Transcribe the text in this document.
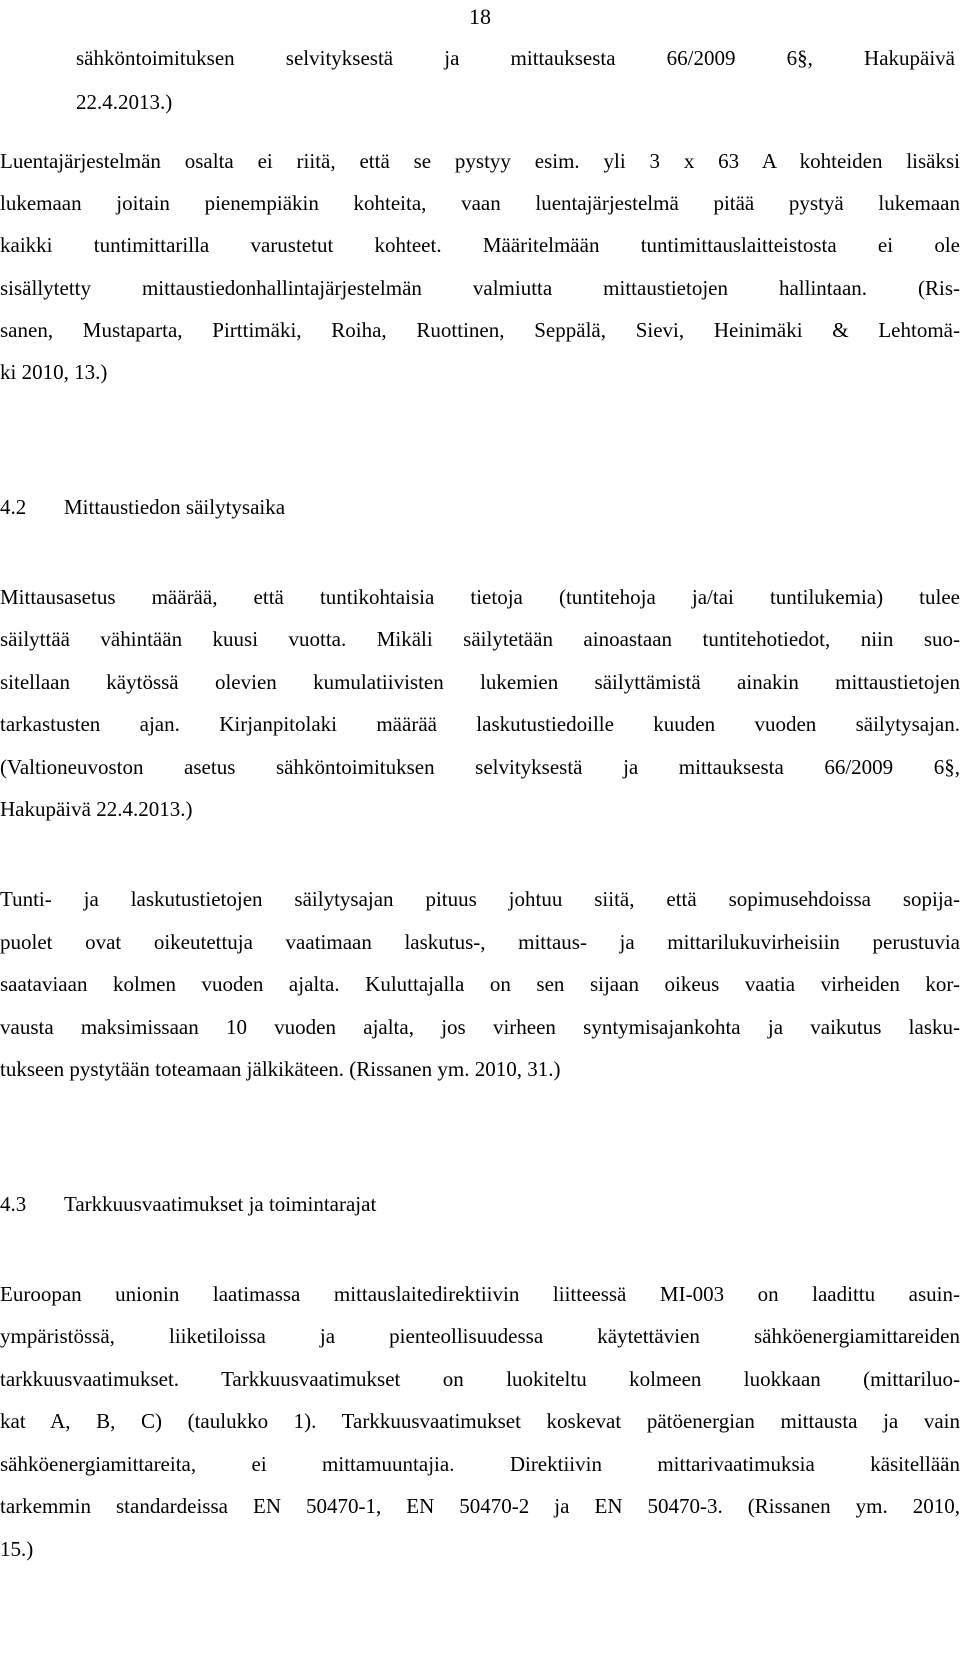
18

sähköntoimituksen selvityksestä ja mittauksesta 66/2009 6§, Hakupäivä

22.4.2013.)

Luentajärjestelmän osalta ei riitä, että se pystyy esim. yli 3 x 63 A kohteiden lisäksi

lukemaan joitain pienempiäkin kohteita, vaan luentajärjestelmä pitää pystyä lukemaan

kaikki tuntimittarilla varustetut kohteet. Määritelmään tuntimittauslaitteistosta ei ole

sisällytetty mittaustiedonhallintajärjestelmän valmiutta mittaustietojen hallintaan. (Ris-

sanen, Mustaparta, Pirttimäki, Roiha, Ruottinen, Seppälä, Sievi, Heinimäki & Lehtomä-

ki 2010, 13.)

4.2 Mittaustiedon säilytysaika

Mittausasetus määrää, että tuntikohtaisia tietoja (tuntitehoja ja/tai tuntilukemia) tulee

säilyttää vähintään kuusi vuotta. Mikäli säilytetään ainoastaan tuntitehotiedot, niin suo-

sitellaan käytössä olevien kumulatiivisten lukemien säilyttämistä ainakin mittaustietojen

tarkastusten ajan. Kirjanpitolaki määrää laskutustiedoille kuuden vuoden säilytysajan.

(Valtioneuvoston asetus sähköntoimituksen selvityksestä ja mittauksesta 66/2009 6§,

Hakupäivä 22.4.2013.)

Tunti- ja laskutustietojen säilytysajan pituus johtuu siitä, että sopimusehdoissa sopija-

puolet ovat oikeutettuja vaatimaan laskutus-, mittaus- ja mittarilukuvirheisiin perustuvia

saataviaan kolmen vuoden ajalta. Kuluttajalla on sen sijaan oikeus vaatia virheiden kor-

vausta maksimissaan 10 vuoden ajalta, jos virheen syntymisajankohta ja vaikutus lasku-

tukseen pystytään toteamaan jälkikäteen. (Rissanen ym. 2010, 31.)

4.3 Tarkkuusvaatimukset ja toimintarajat

Euroopan unionin laatimassa mittauslaitedirektiivin liitteessä MI-003 on laadittu asuin-

ympäristössä, liiketiloissa ja pienteollisuudessa käytettävien sähköenergiamittareiden

tarkkuusvaatimukset. Tarkkuusvaatimukset on luokiteltu kolmeen luokkaan (mittariluo-

kat A, B, C) (taulukko 1). Tarkkuusvaatimukset koskevat pätöenergian mittausta ja vain

sähköenergiamittareita, ei mittamuuntajia. Direktiivin mittarivaatimuksia käsitellään

tarkemmin standardeissa EN 50470-1, EN 50470-2 ja EN 50470-3. (Rissanen ym. 2010,

15.)
